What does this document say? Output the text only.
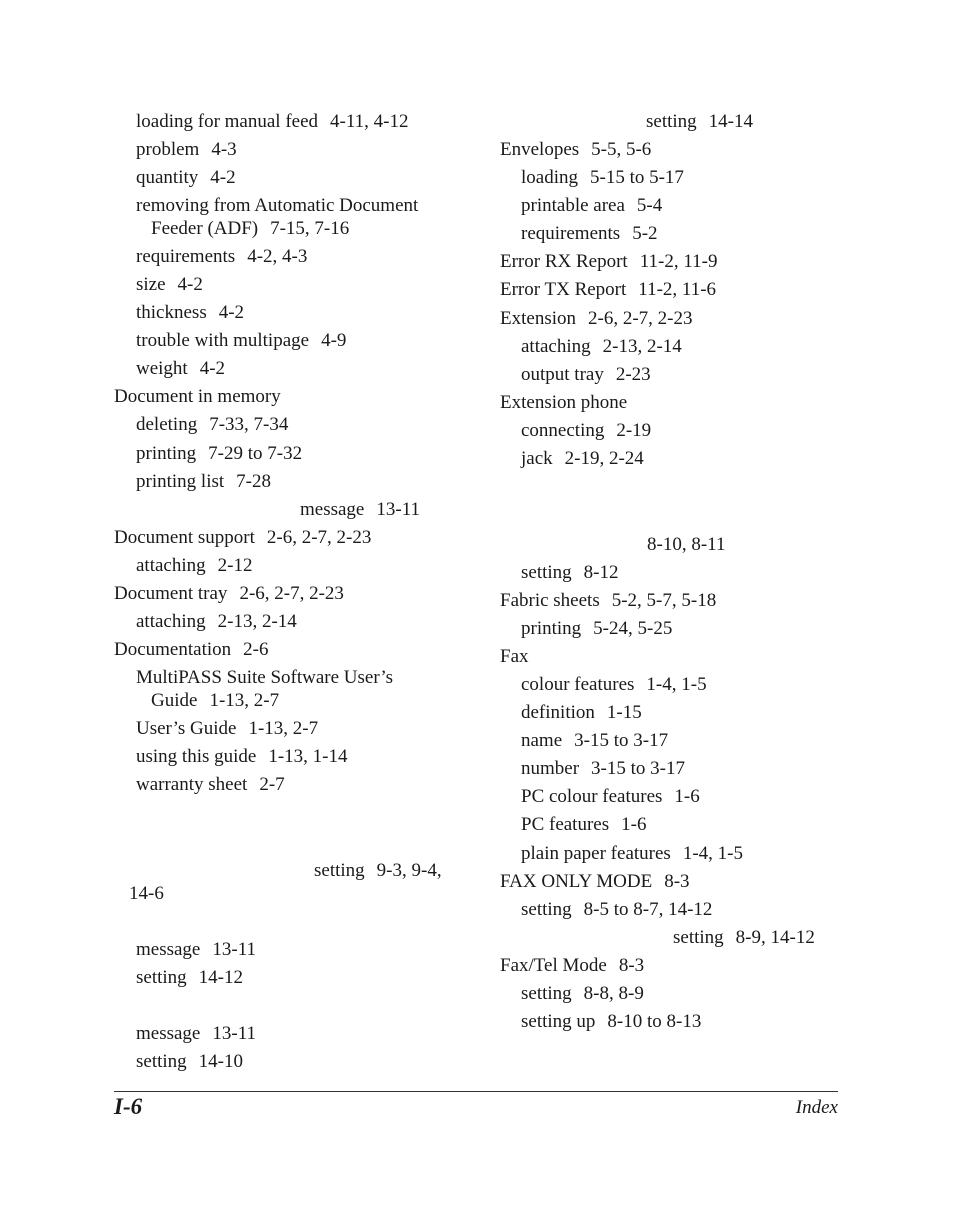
loading for manual feed 4-11, 4-12
problem 4-3
quantity 4-2
removing from Automatic Document
Feeder (ADF) 7-15, 7-16
requirements 4-2, 4-3
size 4-2
thickness 4-2
trouble with multipage 4-9
weight 4-2
Document in memory
deleting 7-33, 7-34
printing 7-29 to 7-32
printing list 7-28
message 13-11
Document support 2-6, 2-7, 2-23
attaching 2-12
Document tray 2-6, 2-7, 2-23
attaching 2-13, 2-14
Documentation 2-6
MultiPASS Suite Software User’s
Guide 1-13, 2-7
User’s Guide 1-13, 2-7
using this guide 1-13, 1-14
warranty sheet 2-7
setting 9-3, 9-4,
14-6
message 13-11
setting 14-12
message 13-11
setting 14-10
setting 14-14
Envelopes 5-5, 5-6
loading 5-15 to 5-17
printable area 5-4
requirements 5-2
Error RX Report 11-2, 11-9
Error TX Report 11-2, 11-6
Extension 2-6, 2-7, 2-23
attaching 2-13, 2-14
output tray 2-23
Extension phone
connecting 2-19
jack 2-19, 2-24
8-10, 8-11
setting 8-12
Fabric sheets 5-2, 5-7, 5-18
printing 5-24, 5-25
Fax
colour features 1-4, 1-5
definition 1-15
name 3-15 to 3-17
number 3-15 to 3-17
PC colour features 1-6
PC features 1-6
plain paper features 1-4, 1-5
FAX ONLY MODE 8-3
setting 8-5 to 8-7, 14-12
setting 8-9, 14-12
Fax/Tel Mode 8-3
setting 8-8, 8-9
setting up 8-10 to 8-13
I-6	Index
